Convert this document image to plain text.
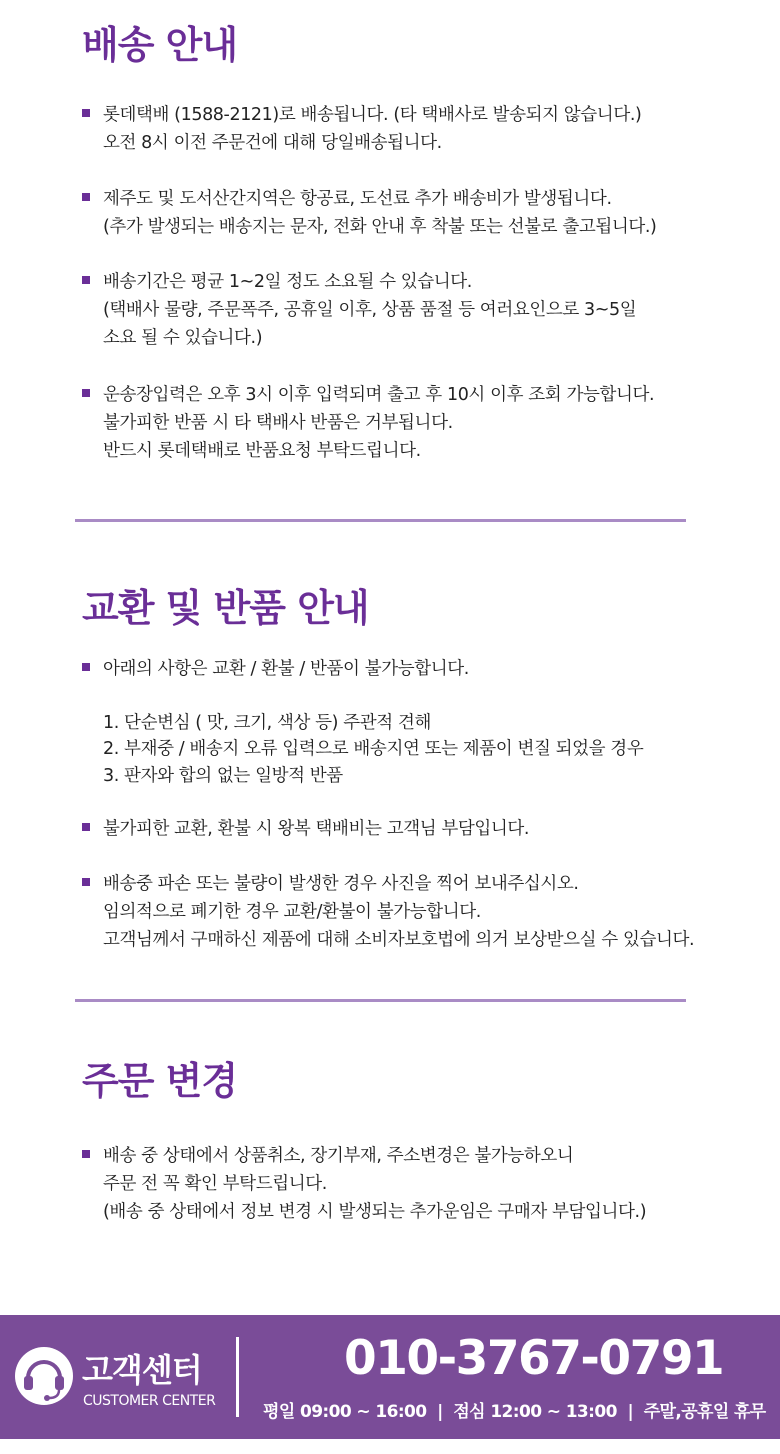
배송 안내
롯데택배 (1588-2121)로 배송됩니다. (타 택배사로 발송되지 않습니다.)
오전 8시 이전 주문건에 대해 당일배송됩니다.
제주도 및 도서산간지역은 항공료, 도선료 추가 배송비가 발생됩니다.
(추가 발생되는 배송지는 문자, 전화 안내 후 착불 또는 선불로 출고됩니다.)
배송기간은 평균 1~2일 정도 소요될 수 있습니다.
(택배사 물량, 주문폭주, 공휴일 이후, 상품 품절 등 여러요인으로 3~5일
소요 될 수 있습니다.)
운송장입력은 오후 3시 이후 입력되며 출고 후 10시 이후 조회 가능합니다.
불가피한 반품 시 타 택배사 반품은 거부됩니다.
반드시 롯데택배로 반품요청 부탁드립니다.
교환 및 반품 안내
아래의 사항은 교환 / 환불 / 반품이 불가능합니다.
1. 단순변심 ( 맛, 크기, 색상 등) 주관적 견해
2. 부재중 / 배송지 오류 입력으로 배송지연 또는 제품이 변질 되었을 경우
3. 판자와 합의 없는 일방적 반품
불가피한 교환, 환불 시 왕복 택배비는 고객님 부담입니다.
배송중 파손 또는 불량이 발생한 경우 사진을 찍어 보내주십시오.
임의적으로 폐기한 경우 교환/환불이 불가능합니다.
고객님께서 구매하신 제품에 대해 소비자보호법에 의거 보상받으실 수 있습니다.
주문 변경
배송 중 상태에서 상품취소, 장기부재, 주소변경은 불가능하오니
주문 전 꼭 확인 부탁드립니다.
(배송 중 상태에서 정보 변경 시 발생되는 추가운임은 구매자 부담입니다.)
고객센터
CUSTOMER CENTER
010-3767-0791
평일 09:00 ~ 16:00  |  점심 12:00 ~ 13:00  |  주말,공휴일 휴무
